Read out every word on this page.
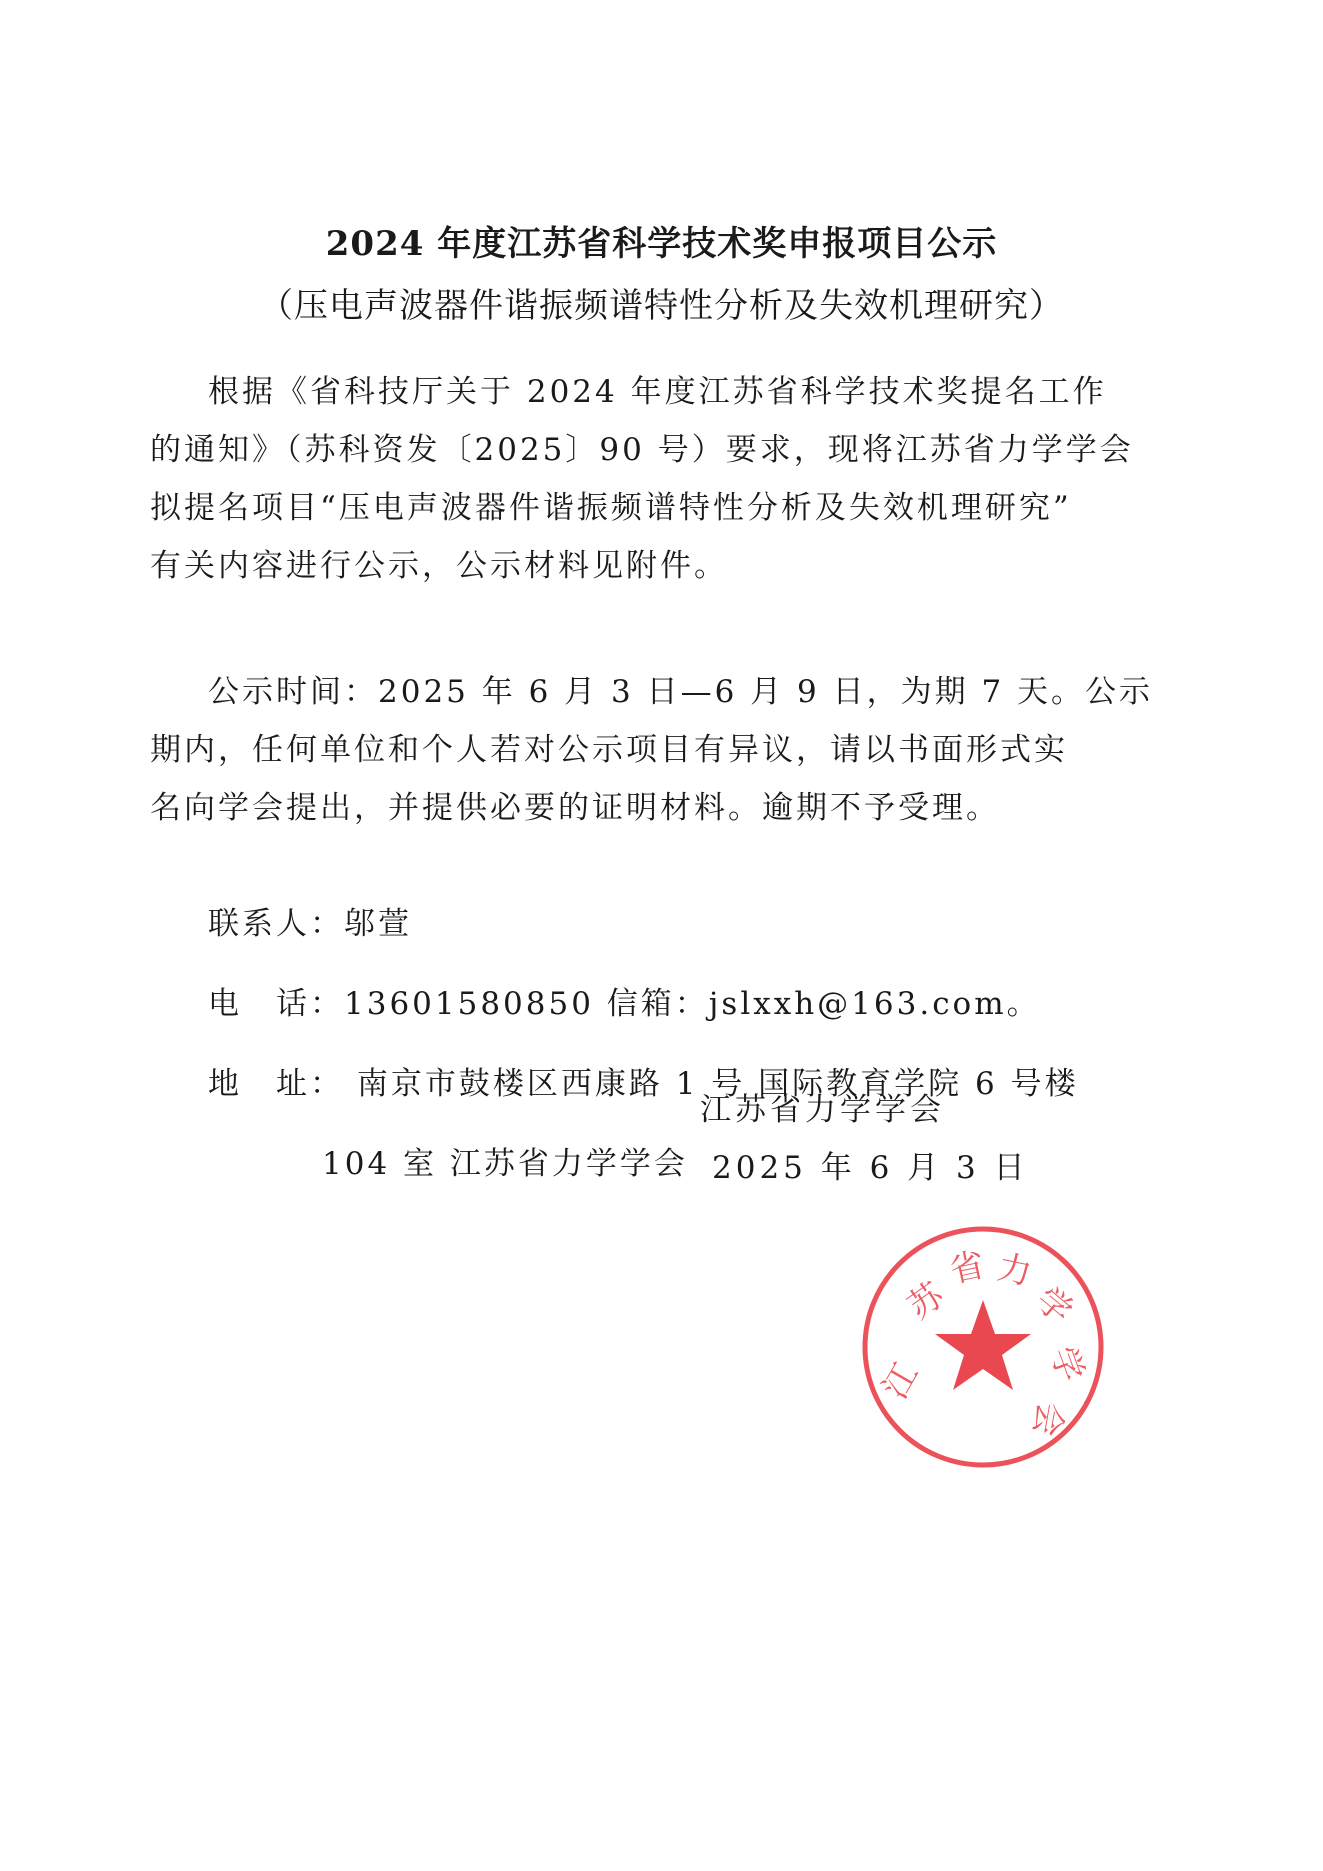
2024 年度江苏省科学技术奖申报项目公示
（压电声波器件谐振频谱特性分析及失效机理研究）
根据《省科技厅关于 2024 年度江苏省科学技术奖提名工作
的通知》（苏科资发〔2025〕90 号）要求，现将江苏省力学学会
拟提名项目“压电声波器件谐振频谱特性分析及失效机理研究”
有关内容进行公示，公示材料见附件。
公示时间：2025 年 6 月 3 日—6 月 9 日，为期 7 天。公示
期内，任何单位和个人若对公示项目有异议，请以书面形式实
名向学会提出，并提供必要的证明材料。逾期不予受理。
联系人：邬萱
电　话：13601580850 信箱：jslxxh@163.com。
地　址： 南京市鼓楼区西康路 1 号 国际教育学院 6 号楼
104 室 江苏省力学学会
江
苏
省 力
学
学
会
江苏省力学学会
2025 年 6 月 3 日
